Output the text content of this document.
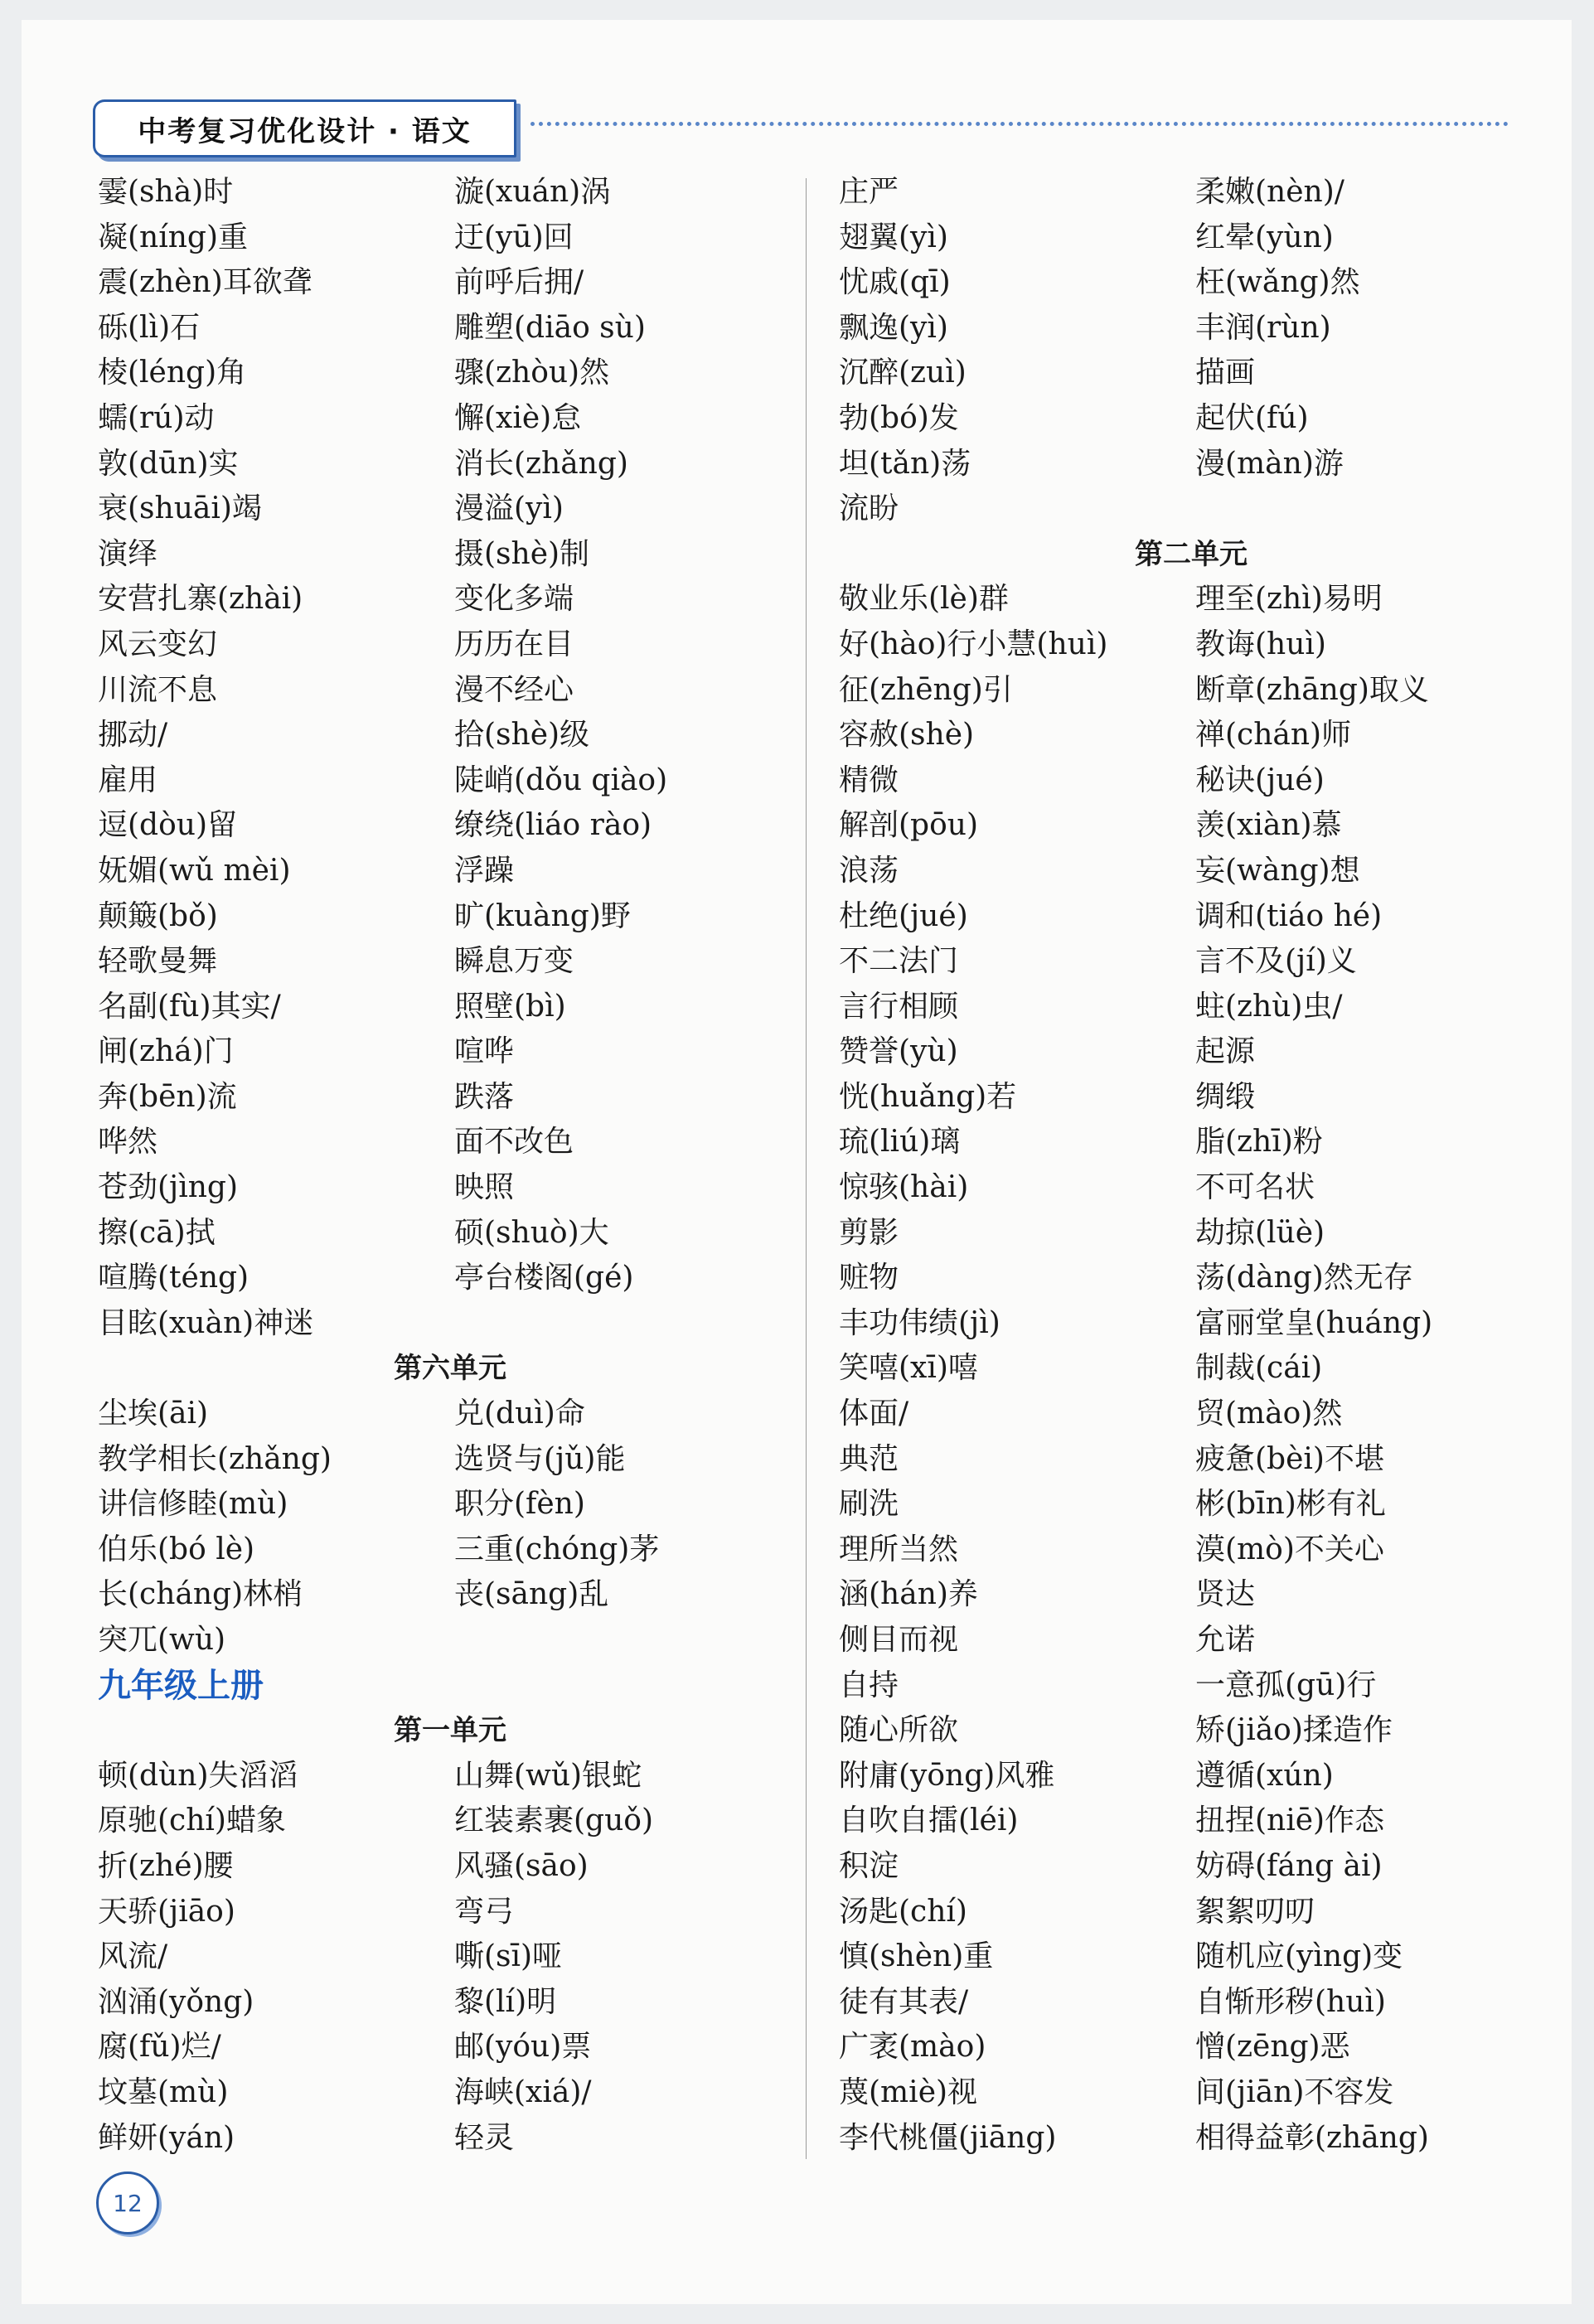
中考复习优化设计 · 语文
霎(shà)时	漩(xuán)涡
凝(níng)重	迂(yū)回
震(zhèn)耳欲聋	前呼后拥/
砾(lì)石	雕塑(diāo sù)
棱(léng)角	骤(zhòu)然
蠕(rú)动	懈(xiè)怠
敦(dūn)实	消长(zhǎng)
衰(shuāi)竭	漫溢(yì)
演绎	摄(shè)制
安营扎寨(zhài)	变化多端
风云变幻	历历在目
川流不息	漫不经心
挪动/	拾(shè)级
雇用	陡峭(dǒu qiào)
逗(dòu)留	缭绕(liáo rào)
妩媚(wǔ mèi)	浮躁
颠簸(bǒ)	旷(kuàng)野
轻歌曼舞	瞬息万变
名副(fù)其实/	照壁(bì)
闸(zhá)门	喧哗
奔(bēn)流	跌落
哗然	面不改色
苍劲(jìng)	映照
擦(cā)拭	硕(shuò)大
喧腾(téng)	亭台楼阁(gé)
目眩(xuàn)神迷
第六单元
尘埃(āi)	兑(duì)命
教学相长(zhǎng)	选贤与(jǔ)能
讲信修睦(mù)	职分(fèn)
伯乐(bó lè)	三重(chóng)茅
长(cháng)林梢	丧(sāng)乱
突兀(wù)
九年级上册
第一单元
顿(dùn)失滔滔	山舞(wǔ)银蛇
原驰(chí)蜡象	红装素裹(guǒ)
折(zhé)腰	风骚(sāo)
天骄(jiāo)	弯弓
风流/	嘶(sī)哑
汹涌(yǒng)	黎(lí)明
腐(fǔ)烂/	邮(yóu)票
坟墓(mù)	海峡(xiá)/
鲜妍(yán)	轻灵
庄严	柔嫩(nèn)/
翅翼(yì)	红晕(yùn)
忧戚(qī)	枉(wǎng)然
飘逸(yì)	丰润(rùn)
沉醉(zuì)	描画
勃(bó)发	起伏(fú)
坦(tǎn)荡	漫(màn)游
流盼
第二单元
敬业乐(lè)群	理至(zhì)易明
好(hào)行小慧(huì)	教诲(huì)
征(zhēng)引	断章(zhāng)取义
容赦(shè)	禅(chán)师
精微	秘诀(jué)
解剖(pōu)	羡(xiàn)慕
浪荡	妄(wàng)想
杜绝(jué)	调和(tiáo hé)
不二法门	言不及(jí)义
言行相顾	蛀(zhù)虫/
赞誉(yù)	起源
恍(huǎng)若	绸缎
琉(liú)璃	脂(zhī)粉
惊骇(hài)	不可名状
剪影	劫掠(lüè)
赃物	荡(dàng)然无存
丰功伟绩(jì)	富丽堂皇(huáng)
笑嘻(xī)嘻	制裁(cái)
体面/	贸(mào)然
典范	疲惫(bèi)不堪
刷洗	彬(bīn)彬有礼
理所当然	漠(mò)不关心
涵(hán)养	贤达
侧目而视	允诺
自持	一意孤(gū)行
随心所欲	矫(jiǎo)揉造作
附庸(yōng)风雅	遵循(xún)
自吹自擂(léi)	扭捏(niē)作态
积淀	妨碍(fáng ài)
汤匙(chí)	絮絮叨叨
慎(shèn)重	随机应(yìng)变
徒有其表/	自惭形秽(huì)
广袤(mào)	憎(zēng)恶
蔑(miè)视	间(jiān)不容发
李代桃僵(jiāng)	相得益彰(zhāng)
12
